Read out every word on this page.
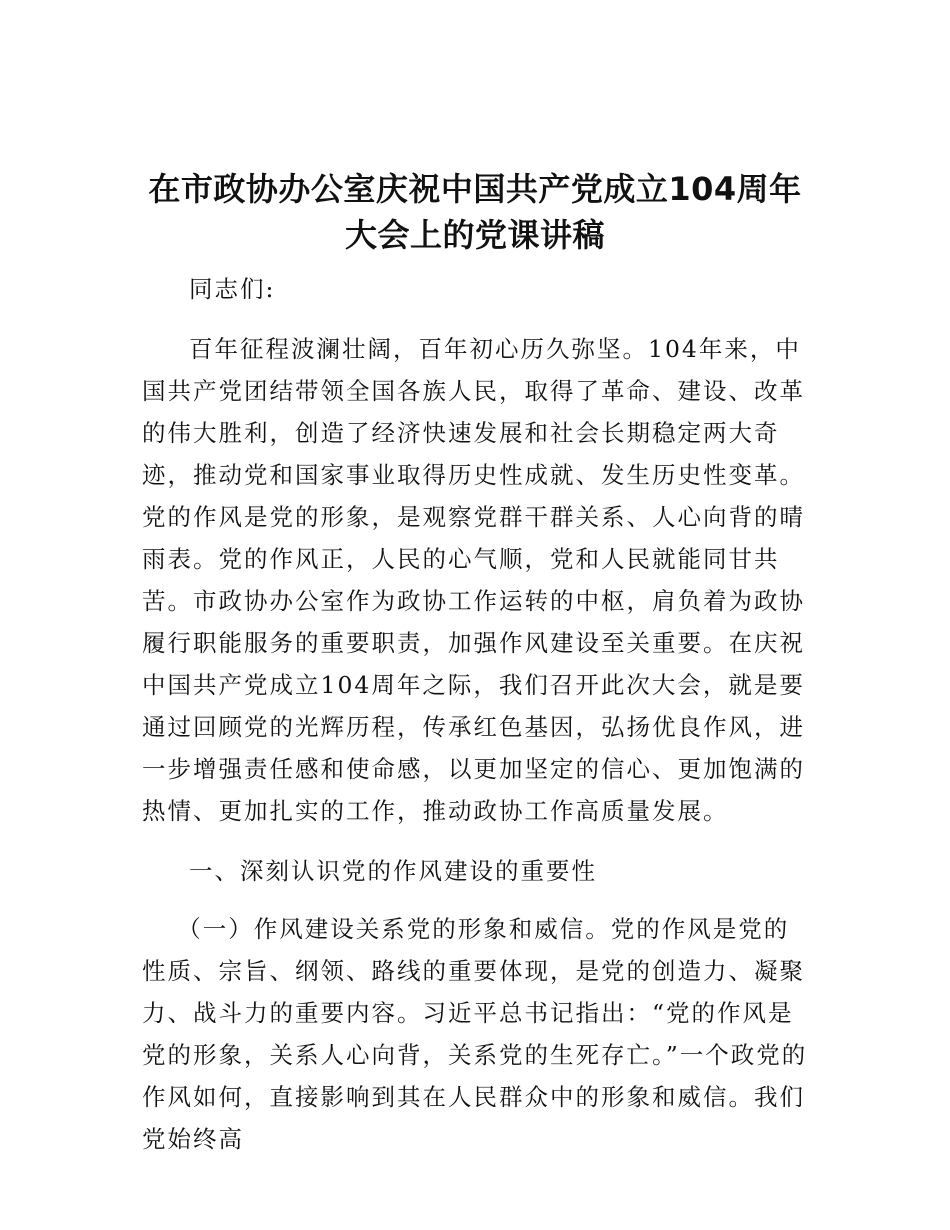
在市政协办公室庆祝中国共产党成立104周年
大会上的党课讲稿

同志们:

百年征程波澜壮阔，百年初心历久弥坚。104年来，中国共产党团结带领全国各族人民，取得了革命、建设、改革的伟大胜利，创造了经济快速发展和社会长期稳定两大奇迹，推动党和国家事业取得历史性成就、发生历史性变革。党的作风是党的形象，是观察党群干群关系、人心向背的晴雨表。党的作风正，人民的心气顺，党和人民就能同甘共苦。市政协办公室作为政协工作运转的中枢，肩负着为政协履行职能服务的重要职责，加强作风建设至关重要。在庆祝中国共产党成立104周年之际，我们召开此次大会，就是要通过回顾党的光辉历程，传承红色基因，弘扬优良作风，进一步增强责任感和使命感，以更加坚定的信心、更加饱满的热情、更加扎实的工作，推动政协工作高质量发展。

一、深刻认识党的作风建设的重要性

（一）作风建设关系党的形象和威信。党的作风是党的性质、宗旨、纲领、路线的重要体现，是党的创造力、凝聚力、战斗力的重要内容。习近平总书记指出：“党的作风是党的形象，关系人心向背，关系党的生死存亡。”一个政党的作风如何，直接影响到其在人民群众中的形象和威信。我们党始终高
